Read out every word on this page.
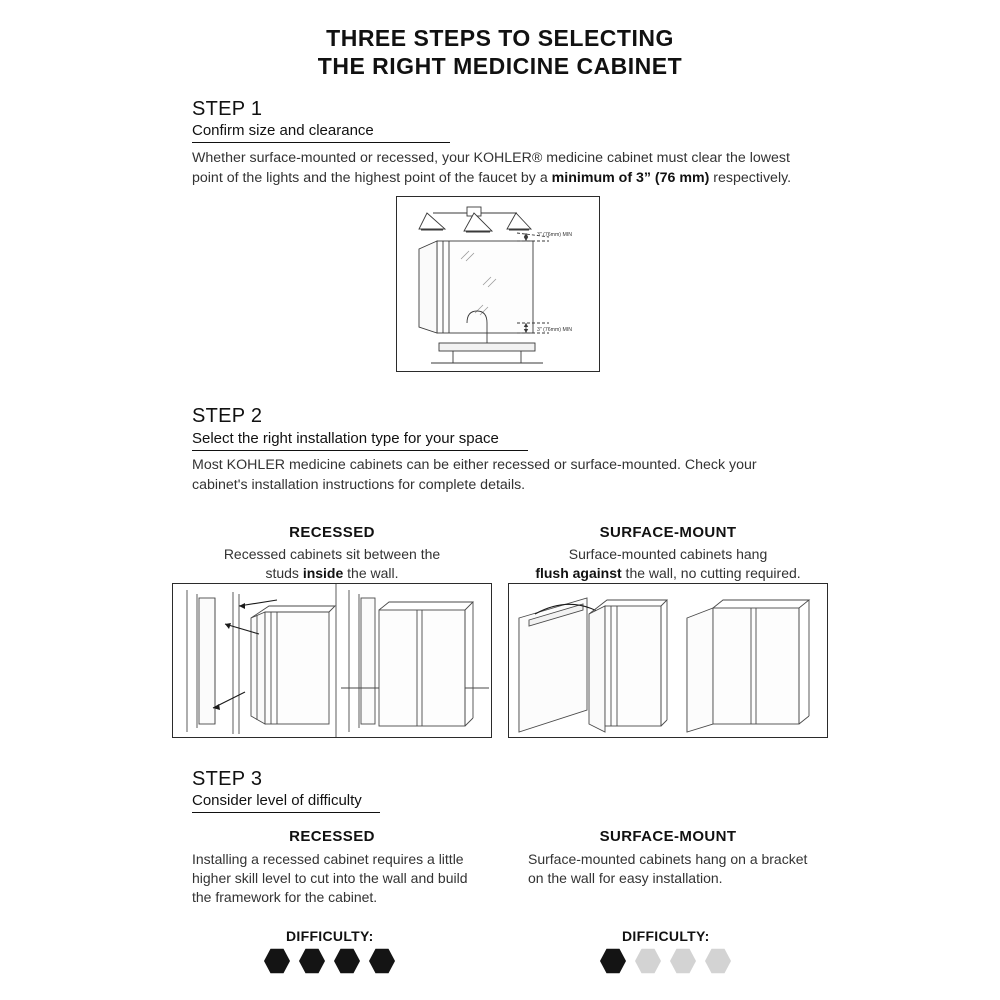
THREE STEPS TO SELECTING
THE RIGHT MEDICINE CABINET
STEP 1
Confirm size and clearance
Whether surface-mounted or recessed, your KOHLER® medicine cabinet must clear the lowest point of the lights and the highest point of the faucet by a minimum of 3” (76 mm) respectively.
3" (76mm) MIN
3" (76mm) MIN
STEP 2
Select the right installation type for your space
Most KOHLER medicine cabinets can be either recessed or surface-mounted. Check your cabinet's installation instructions for complete details.
RECESSED
Recessed cabinets sit between the
studs inside the wall.
SURFACE-MOUNT
Surface-mounted cabinets hang
flush against the wall, no cutting required.
STEP 3
Consider level of difficulty
RECESSED
Installing a recessed cabinet requires a little higher skill level to cut into the wall and build the framework for the cabinet.
DIFFICULTY:
SURFACE-MOUNT
Surface-mounted cabinets hang on a bracket on the wall for easy installation.
DIFFICULTY:
